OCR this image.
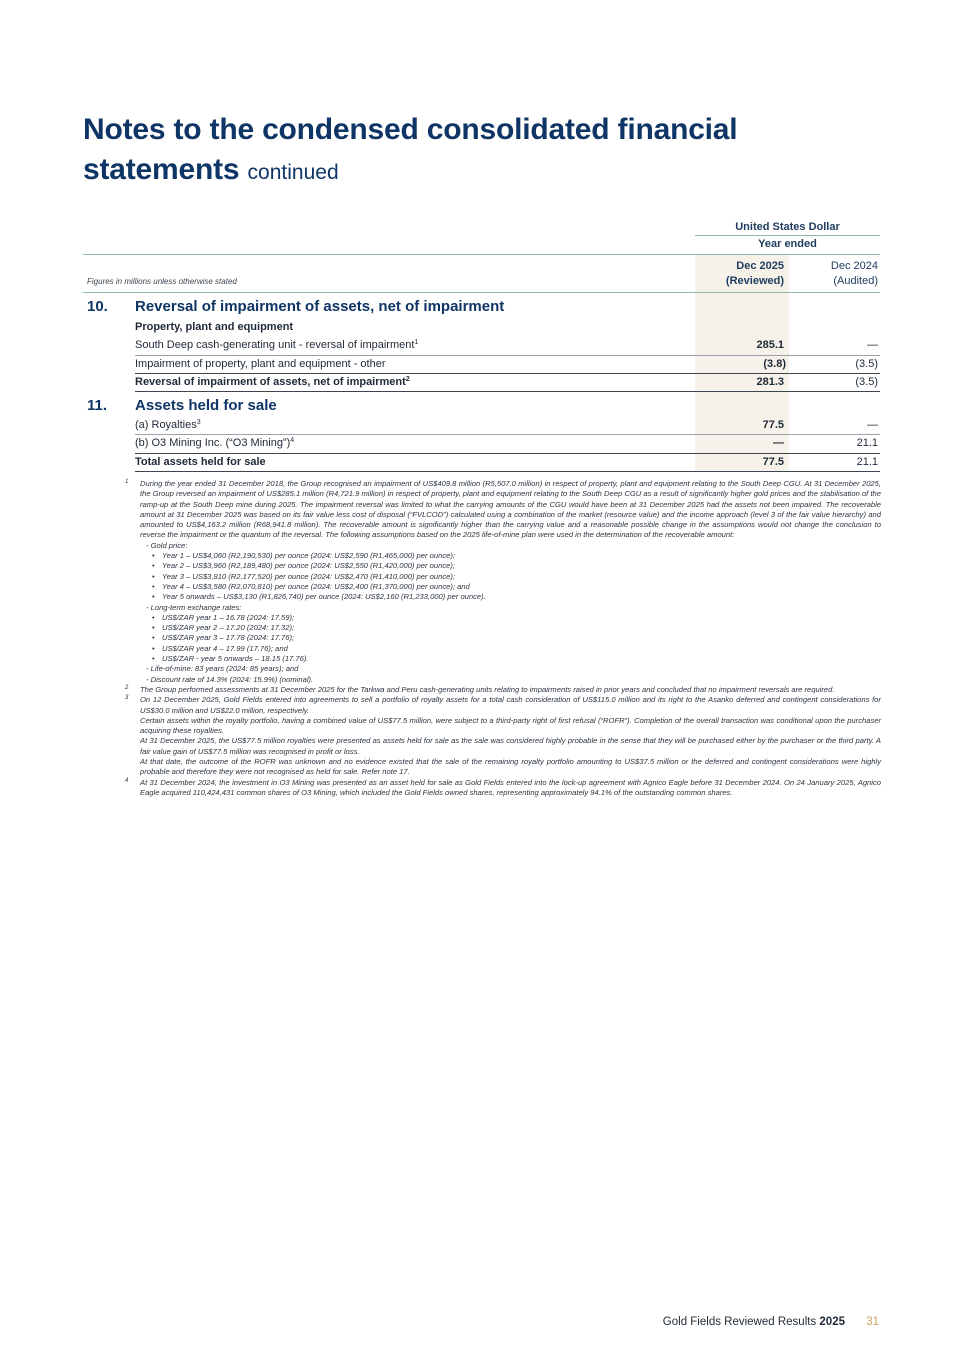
Notes to the condensed consolidated financial
statements continued
United States Dollar
Year ended
Dec 2025
(Reviewed)
Dec 2024
(Audited)
Figures in millions unless otherwise stated
10. Reversal of impairment of assets, net of impairment
Property, plant and equipment
South Deep cash-generating unit - reversal of impairment$^1$	285.1	—
Impairment of property, plant and equipment - other	(3.8)	(3.5)
Reversal of impairment of assets, net of impairment$^2$	281.3	(3.5)
11. Assets held for sale
(a) Royalties$^3$	77.5	—
(b) O3 Mining Inc. (“O3 Mining”)$^4$	—	21.1
Total assets held for sale	77.5	21.1
1 During the year ended 31 December 2018, the Group recognised an impairment of US$409.8 million (R5,507.0 million) in respect of property, plant and equipment relating to the South Deep CGU. At 31 December 2025, the Group reversed an impairment of US$285.1 million (R4,721.9 million) in respect of property, plant and equipment relating to the South Deep CGU as a result of significantly higher gold prices and the stabilisation of the ramp-up at the South Deep mine during 2025. The impairment reversal was limited to what the carrying amounts of the CGU would have been at 31 December 2025 had the assets not been impaired. The recoverable amount at 31 December 2025 was based on its fair value less cost of disposal (“FVLCOD”) calculated using a combination of the market (resource value) and the income approach (level 3 of the fair value hierarchy) and amounted to US$4,163.2 million (R68,941.8 million). The recoverable amount is significantly higher than the carrying value and a reasonable possible change in the assumptions would not change the conclusion to reverse the impairment or the quantum of the reversal. The following assumptions based on the 2025 life-of-mine plan were used in the determination of the recoverable amount:

- Gold price:

• Year 1 – US$4,060 (R2,190,530) per ounce (2024: US$2,590 (R1,465,000) per ounce);

• Year 2 – US$3,960 (R2,189,480) per ounce (2024: US$2,550 (R1,420,000) per ounce);

• Year 3 – US$3,810 (R2,177,520) per ounce (2024: US$2,470 (R1,410,000) per ounce);

• Year 4 – US$3,580 (R2,070,810) per ounce (2024: US$2,400 (R1,370,000) per ounce); and

• Year 5 onwards – US$3,130 (R1,826,740) per ounce (2024: US$2,160 (R1,233,000) per ounce).

- Long-term exchange rates:

• US$/ZAR year 1 – 16.78 (2024: 17.59);

• US$/ZAR year 2 – 17.20 (2024: 17.32);

• US$/ZAR year 3 – 17.78 (2024: 17.76);

• US$/ZAR year 4 – 17.99 (17.76); and

• US$/ZAR - year 5 onwards – 18.15 (17.76).

- Life-of-mine: 83 years (2024: 85 years); and

- Discount rate of 14.3% (2024: 15.9%) (nominal).

2 The Group performed assessments at 31 December 2025 for the Tarkwa and Peru cash-generating units relating to impairments raised in prior years and concluded that no impairment reversals are required.

3 On 12 December 2025, Gold Fields entered into agreements to sell a portfolio of royalty assets for a total cash consideration of US$115.0 million and its right to the Asanko deferred and contingent considerations for US$30.0 million and US$22.0 million, respectively.

Certain assets within the royalty portfolio, having a combined value of US$77.5 million, were subject to a third-party right of first refusal (“ROFR”). Completion of the overall transaction was conditional upon the purchaser acquiring these royalties.

At 31 December 2025, the US$77.5 million royalties were presented as assets held for sale as the sale was considered highly probable in the sense that they will be purchased either by the purchaser or the third party. A fair value gain of US$77.5 million was recognised in profit or loss.

At that date, the outcome of the ROFR was unknown and no evidence existed that the sale of the remaining royalty portfolio amounting to US$37.5 million or the deferred and contingent considerations were highly probable and therefore they were not recognised as held for sale. Refer note 17.

4 At 31 December 2024, the investment in O3 Mining was presented as an asset held for sale as Gold Fields entered into the lock-up agreement with Agnico Eagle before 31 December 2024. On 24 January 2025, Agnico Eagle acquired 110,424,431 common shares of O3 Mining, which included the Gold Fields owned shares, representing approximately 94.1% of the outstanding common shares.

Gold Fields Reviewed Results 2025 31
